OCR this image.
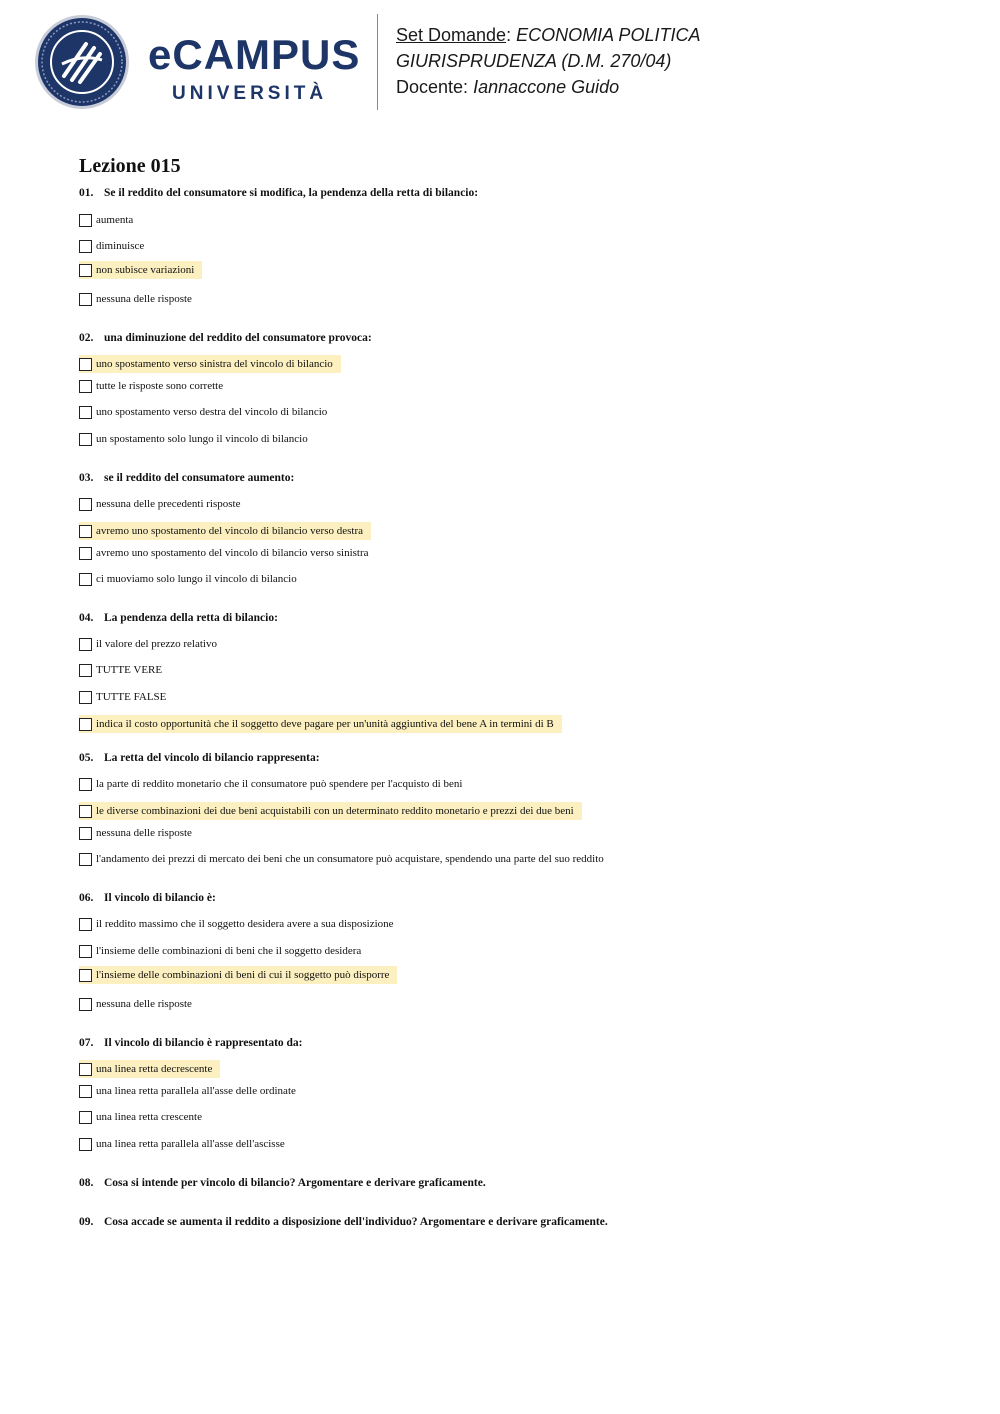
eCAMPUS
UNIVERSITÀ
Set Domande: ECONOMIA POLITICA
GIURISPRUDENZA (D.M. 270/04)
Docente: Iannaccone Guido
Lezione 015
01. Se il reddito del consumatore si modifica, la pendenza della retta di bilancio:
aumenta
diminuisce
non subisce variazioni
nessuna delle risposte
02. una diminuzione del reddito del consumatore provoca:
uno spostamento verso sinistra del vincolo di bilancio
tutte le risposte sono corrette
uno spostamento verso destra del vincolo di bilancio
un spostamento solo lungo il vincolo di bilancio
03. se il reddito del consumatore aumento:
nessuna delle precedenti risposte
avremo uno spostamento del vincolo di bilancio verso destra
avremo uno spostamento del vincolo di bilancio verso sinistra
ci muoviamo solo lungo il vincolo di bilancio
04. La pendenza della retta di bilancio:
il valore del prezzo relativo
TUTTE VERE
TUTTE FALSE
indica il costo opportunità che il soggetto deve pagare per un'unità aggiuntiva del bene A in termini di B
05. La retta del vincolo di bilancio rappresenta:
la parte di reddito monetario che il consumatore può spendere per l'acquisto di beni
le diverse combinazioni dei due beni acquistabili con un determinato reddito monetario e prezzi dei due beni
nessuna delle risposte
l'andamento dei prezzi di mercato dei beni che un consumatore può acquistare, spendendo una parte del suo reddito
06. Il vincolo di bilancio è:
il reddito massimo che il soggetto desidera avere a sua disposizione
l'insieme delle combinazioni di beni che il soggetto desidera
l'insieme delle combinazioni di beni di cui il soggetto può disporre
nessuna delle risposte
07. Il vincolo di bilancio è rappresentato da:
una linea retta decrescente
una linea retta parallela all'asse delle ordinate
una linea retta crescente
una linea retta parallela all'asse dell'ascisse
08. Cosa si intende per vincolo di bilancio? Argomentare e derivare graficamente.
09. Cosa accade se aumenta il reddito a disposizione dell'individuo? Argomentare e derivare graficamente.
